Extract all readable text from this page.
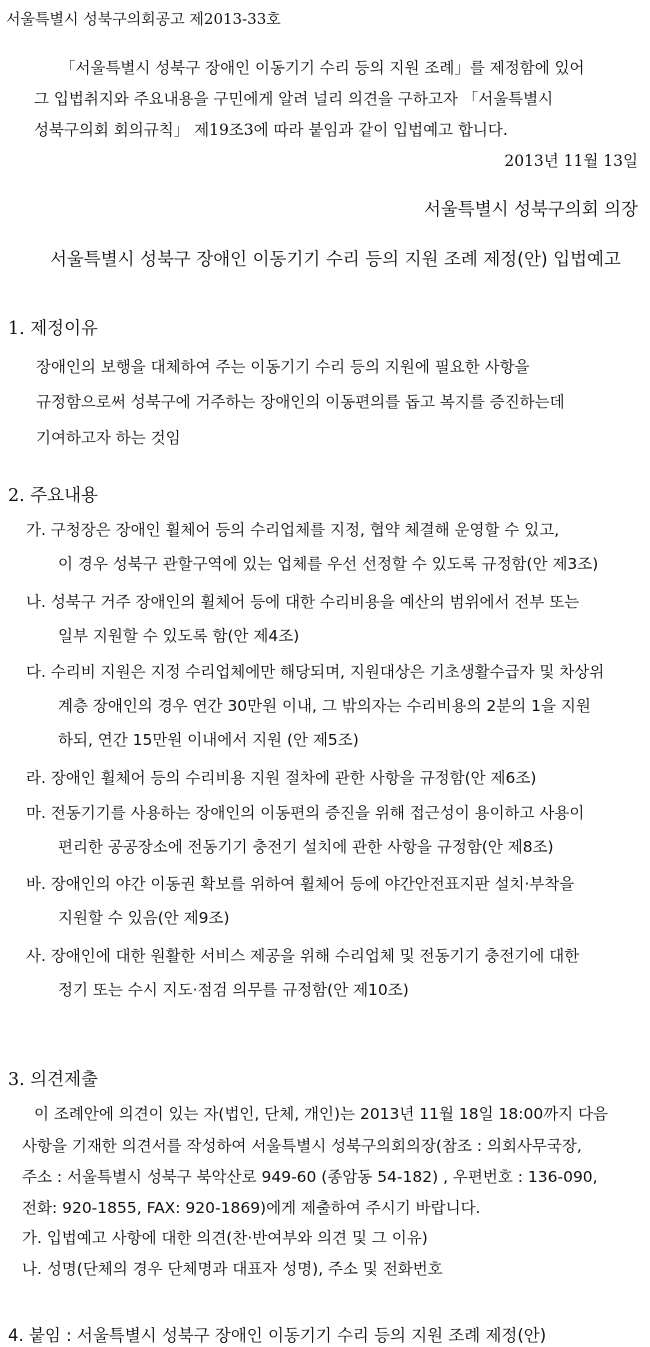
서울특별시 성북구의회공고 제2013-33호

「서울특별시 성북구 장애인 이동기기 수리 등의 지원 조례」를 제정함에 있어

그 입법취지와 주요내용을 구민에게 알려 널리 의견을 구하고자 「서울특별시

성북구의회 회의규칙」 제19조3에 따라 붙임과 같이 입법예고 합니다.

2013년 11월 13일

서울특별시 성북구의회 의장

서울특별시 성북구 장애인 이동기기 수리 등의 지원 조례 제정(안) 입법예고

1. 제정이유

장애인의 보행을 대체하여 주는 이동기기 수리 등의 지원에 필요한 사항을

규정함으로써 성북구에 거주하는 장애인의 이동편의를 돕고 복지를 증진하는데

기여하고자 하는 것임

2. 주요내용

가. 구청장은 장애인 휠체어 등의 수리업체를 지정, 협약 체결해 운영할 수 있고,

이 경우 성북구 관할구역에 있는 업체를 우선 선정할 수 있도록 규정함(안 제3조)

나. 성북구 거주 장애인의 휠체어 등에 대한 수리비용을 예산의 범위에서 전부 또는

일부 지원할 수 있도록 함(안 제4조)

다. 수리비 지원은 지정 수리업체에만 해당되며, 지원대상은 기초생활수급자 및 차상위

계층 장애인의 경우 연간 30만원 이내, 그 밖의자는 수리비용의 2분의 1을 지원

하되, 연간 15만원 이내에서 지원 (안 제5조)

라. 장애인 휠체어 등의 수리비용 지원 절차에 관한 사항을 규정함(안 제6조)

마. 전동기기를 사용하는 장애인의 이동편의 증진을 위해 접근성이 용이하고 사용이

편리한 공공장소에 전동기기 충전기 설치에 관한 사항을 규정함(안 제8조)

바. 장애인의 야간 이동권 확보를 위하여 휠체어 등에 야간안전표지판 설치·부착을

지원할 수 있음(안 제9조)

사. 장애인에 대한 원활한 서비스 제공을 위해 수리업체 및 전동기기 충전기에 대한

정기 또는 수시 지도·점검 의무를 규정함(안 제10조)

3. 의견제출

이 조례안에 의견이 있는 자(법인, 단체, 개인)는 2013년 11월 18일 18:00까지 다음

사항을 기재한 의견서를 작성하여 서울특별시 성북구의회의장(참조 : 의회사무국장,

주소 : 서울특별시 성북구 북악산로 949-60 (종암동 54-182) , 우편번호 : 136-090,

전화: 920-1855, FAX: 920-1869)에게 제출하여 주시기 바랍니다.

가. 입법예고 사항에 대한 의견(찬·반여부와 의견 및 그 이유)

나. 성명(단체의 경우 단체명과 대표자 성명), 주소 및 전화번호

4. 붙임 : 서울특별시 성북구 장애인 이동기기 수리 등의 지원 조례 제정(안)
